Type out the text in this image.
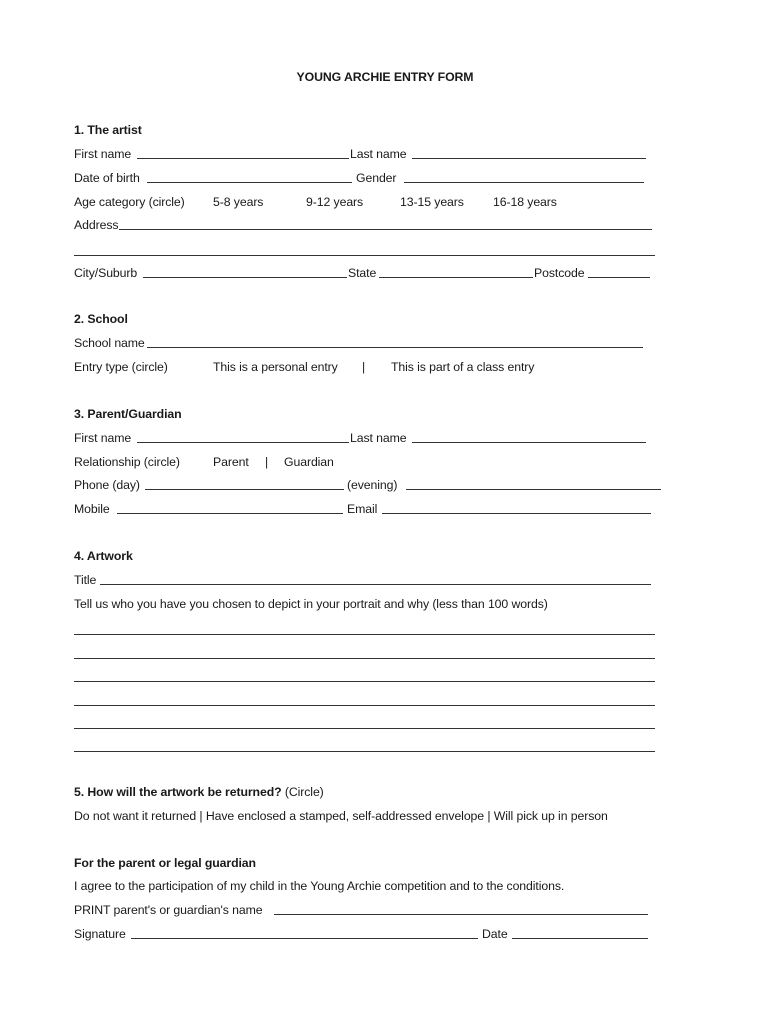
YOUNG ARCHIE ENTRY FORM
1. The artist
First name	Last name
Date of birth	Gender
Age category (circle) 5-8 years	9-12 years	13-15 years 16-18 years
Address
City/Suburb	State	Postcode
2. School
School name
Entry type (circle)	This is a personal entry | This is part of a class entry
3. Parent/Guardian
First name	Last name
Relationship (circle)	Parent | Guardian
Phone (day)	(evening)
Mobile	Email
4. Artwork
Title
Tell us who you have you chosen to depict in your portrait and why (less than 100 words)
5. How will the artwork be returned? (Circle)
Do not want it returned | Have enclosed a stamped, self-addressed envelope | Will pick up in person
For the parent or legal guardian
I agree to the participation of my child in the Young Archie competition and to the conditions.
PRINT parent's or guardian's name
Signature	Date
